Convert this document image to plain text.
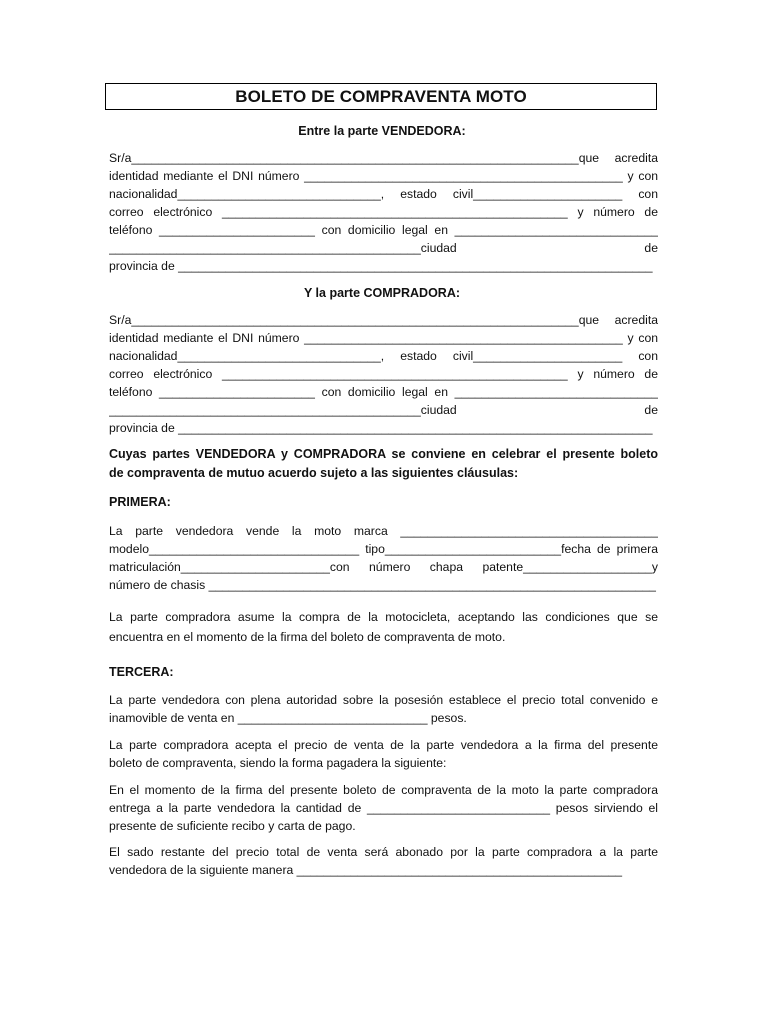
BOLETO DE COMPRAVENTA MOTO
Entre la parte VENDEDORA:
Sr/a__________________________________________________________________que acredita
identidad mediante el DNI número _______________________________________________ y con
nacionalidad______________________________, estado civil______________________ con
correo electrónico ___________________________________________________ y número de
teléfono _______________________ con domicilio legal en ______________________________
______________________________________________ciudad de
provincia de ______________________________________________________________________
Y la parte COMPRADORA:
Sr/a__________________________________________________________________que acredita
identidad mediante el DNI número _______________________________________________ y con
nacionalidad______________________________, estado civil______________________ con
correo electrónico ___________________________________________________ y número de
teléfono _______________________ con domicilio legal en ______________________________
______________________________________________ciudad de
provincia de ______________________________________________________________________
Cuyas partes VENDEDORA y COMPRADORA se conviene en celebrar el presente boleto
de compraventa de mutuo acuerdo sujeto a las siguientes cláusulas:
PRIMERA:
La parte vendedora vende la moto marca ______________________________________
modelo_______________________________ tipo__________________________fecha de primera
matriculación______________________con número chapa patente___________________y
número de chasis __________________________________________________________________
La parte compradora asume la compra de la motocicleta, aceptando las condiciones que se
encuentra en el momento de la firma del boleto de compraventa de moto.
TERCERA:
La parte vendedora con plena autoridad sobre la posesión establece el precio total convenido e
inamovible de venta en ____________________________ pesos.
La parte compradora acepta el precio de venta de la parte vendedora a la firma del presente
boleto de compraventa, siendo la forma pagadera la siguiente:
En el momento de la firma del presente boleto de compraventa de la moto la parte compradora
entrega a la parte vendedora la cantidad de ___________________________ pesos sirviendo el
presente de suficiente recibo y carta de pago.
El sado restante del precio total de venta será abonado por la parte compradora a la parte
vendedora de la siguiente manera ________________________________________________
